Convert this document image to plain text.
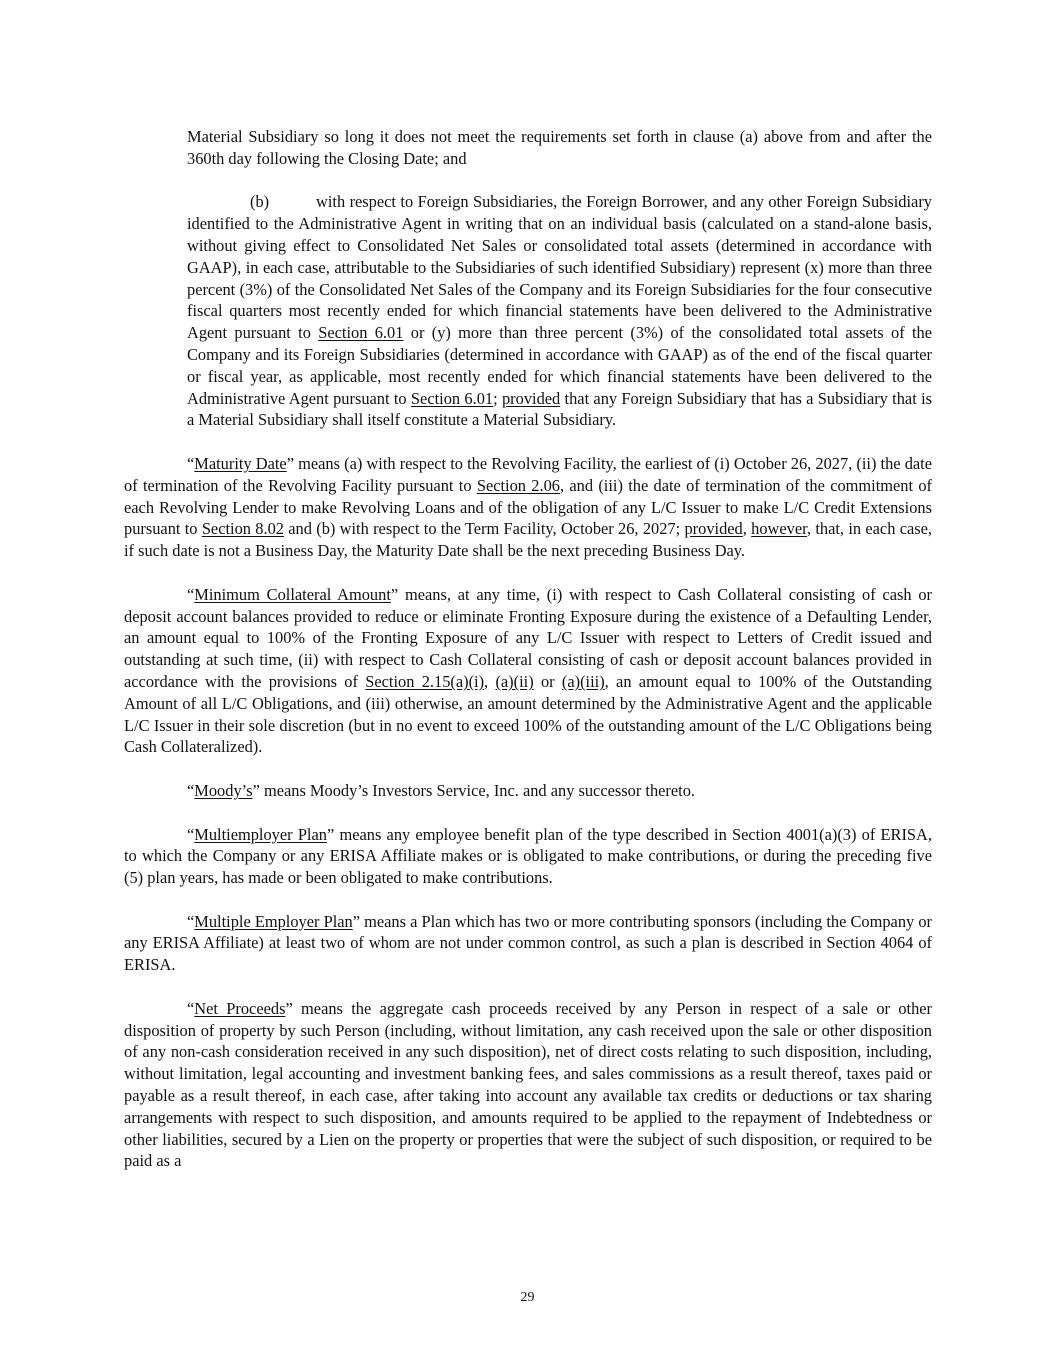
Material Subsidiary so long it does not meet the requirements set forth in clause (a) above from and after the 360th day following the Closing Date; and

(b)	with respect to Foreign Subsidiaries, the Foreign Borrower, and any other Foreign Subsidiary identified to the Administrative Agent in writing that on an individual basis (calculated on a stand-alone basis, without giving effect to Consolidated Net Sales or consolidated total assets (determined in accordance with GAAP), in each case, attributable to the Subsidiaries of such identified Subsidiary) represent (x) more than three percent (3%) of the Consolidated Net Sales of the Company and its Foreign Subsidiaries for the four consecutive fiscal quarters most recently ended for which financial statements have been delivered to the Administrative Agent pursuant to Section 6.01 or (y) more than three percent (3%) of the consolidated total assets of the Company and its Foreign Subsidiaries (determined in accordance with GAAP) as of the end of the fiscal quarter or fiscal year, as applicable, most recently ended for which financial statements have been delivered to the Administrative Agent pursuant to Section 6.01; provided that any Foreign Subsidiary that has a Subsidiary that is a Material Subsidiary shall itself constitute a Material Subsidiary.

“Maturity Date” means (a) with respect to the Revolving Facility, the earliest of (i) October 26, 2027, (ii) the date of termination of the Revolving Facility pursuant to Section 2.06, and (iii) the date of termination of the commitment of each Revolving Lender to make Revolving Loans and of the obligation of any L/C Issuer to make L/C Credit Extensions pursuant to Section 8.02 and (b) with respect to the Term Facility, October 26, 2027; provided, however, that, in each case, if such date is not a Business Day, the Maturity Date shall be the next preceding Business Day.

“Minimum Collateral Amount” means, at any time, (i) with respect to Cash Collateral consisting of cash or deposit account balances provided to reduce or eliminate Fronting Exposure during the existence of a Defaulting Lender, an amount equal to 100% of the Fronting Exposure of any L/C Issuer with respect to Letters of Credit issued and outstanding at such time, (ii) with respect to Cash Collateral consisting of cash or deposit account balances provided in accordance with the provisions of Section 2.15(a)(i), (a)(ii) or (a)(iii), an amount equal to 100% of the Outstanding Amount of all L/C Obligations, and (iii) otherwise, an amount determined by the Administrative Agent and the applicable L/C Issuer in their sole discretion (but in no event to exceed 100% of the outstanding amount of the L/C Obligations being Cash Collateralized).

“Moody’s” means Moody’s Investors Service, Inc. and any successor thereto.

“Multiemployer Plan” means any employee benefit plan of the type described in Section 4001(a)(3) of ERISA, to which the Company or any ERISA Affiliate makes or is obligated to make contributions, or during the preceding five (5) plan years, has made or been obligated to make contributions.

“Multiple Employer Plan” means a Plan which has two or more contributing sponsors (including the Company or any ERISA Affiliate) at least two of whom are not under common control, as such a plan is described in Section 4064 of ERISA.

“Net Proceeds” means the aggregate cash proceeds received by any Person in respect of a sale or other disposition of property by such Person (including, without limitation, any cash received upon the sale or other disposition of any non-cash consideration received in any such disposition), net of direct costs relating to such disposition, including, without limitation, legal accounting and investment banking fees, and sales commissions as a result thereof, taxes paid or payable as a result thereof, in each case, after taking into account any available tax credits or deductions or tax sharing arrangements with respect to such disposition, and amounts required to be applied to the repayment of Indebtedness or other liabilities, secured by a Lien on the property or properties that were the subject of such disposition, or required to be paid as a

29
